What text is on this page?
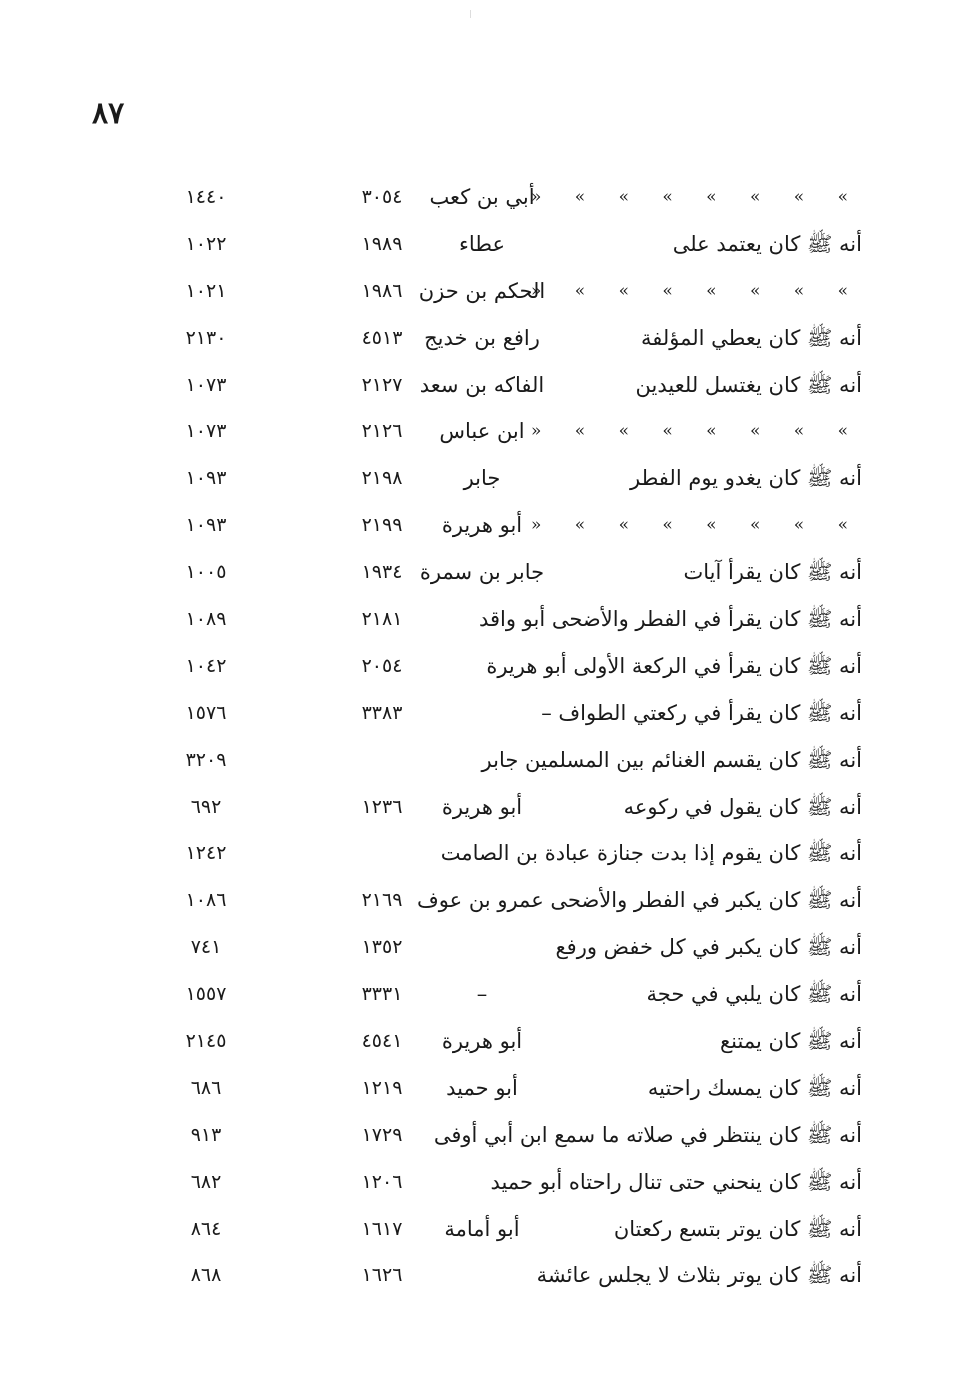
٨٧
» » » » » » » «
أبي بن كعب
٣٠٥٤
١٤٤٠
أنه ﷺ كان يعتمد على
عطاء
١٩٨٩
١٠٢٢
» » » » » » » «
الحكم بن حزن
١٩٨٦
١٠٢١
أنه ﷺ كان يعطي المؤلفة
رافع بن خديج
٤٥١٣
٢١٣٠
أنه ﷺ كان يغتسل للعيدين
الفاكه بن سعد
٢١٢٧
١٠٧٣
» » » » » » » «
ابن عباس
٢١٢٦
١٠٧٣
أنه ﷺ كان يغدو يوم الفطر
جابر
٢١٩٨
١٠٩٣
» » » » » » » «
أبو هريرة
٢١٩٩
١٠٩٣
أنه ﷺ كان يقرأ آيات
جابر بن سمرة
١٩٣٤
١٠٠٥
أنه ﷺ كان يقرأ في الفطر والأضحى أبو واقد
٢١٨١
١٠٨٩
أنه ﷺ كان يقرأ في الركعة الأولى أبو هريرة
٢٠٥٤
١٠٤٢
أنه ﷺ كان يقرأ في ركعتي الطواف –
٣٣٨٣
١٥٧٦
أنه ﷺ كان يقسم الغنائم بين المسلمين جابر
٣٢٠٩
أنه ﷺ كان يقول في ركوعه
أبو هريرة
١٢٣٦
٦٩٢
أنه ﷺ كان يقوم إذا بدت جنازة عبادة بن الصامت
١٢٤٢
أنه ﷺ كان يكبر في الفطر والأضحى عمرو بن عوف
٢١٦٩
١٠٨٦
أنه ﷺ كان يكبر في كل خفض ورفع
١٣٥٢
٧٤١
أنه ﷺ كان يلبي في حجة
–
٣٣٣١
١٥٥٧
أنه ﷺ كان يمتنع
أبو هريرة
٤٥٤١
٢١٤٥
أنه ﷺ كان يمسك راحتيه
أبو حميد
١٢١٩
٦٨٦
أنه ﷺ كان ينتظر في صلاته ما سمع ابن أبي أوفى
١٧٢٩
٩١٣
أنه ﷺ كان ينحني حتى تنال راحتاه أبو حميد
١٢٠٦
٦٨٢
أنه ﷺ كان يوتر بتسع ركعتان
أبو أمامة
١٦١٧
٨٦٤
أنه ﷺ كان يوتر بثلاث لا يجلس عائشة
١٦٢٦
٨٦٨
